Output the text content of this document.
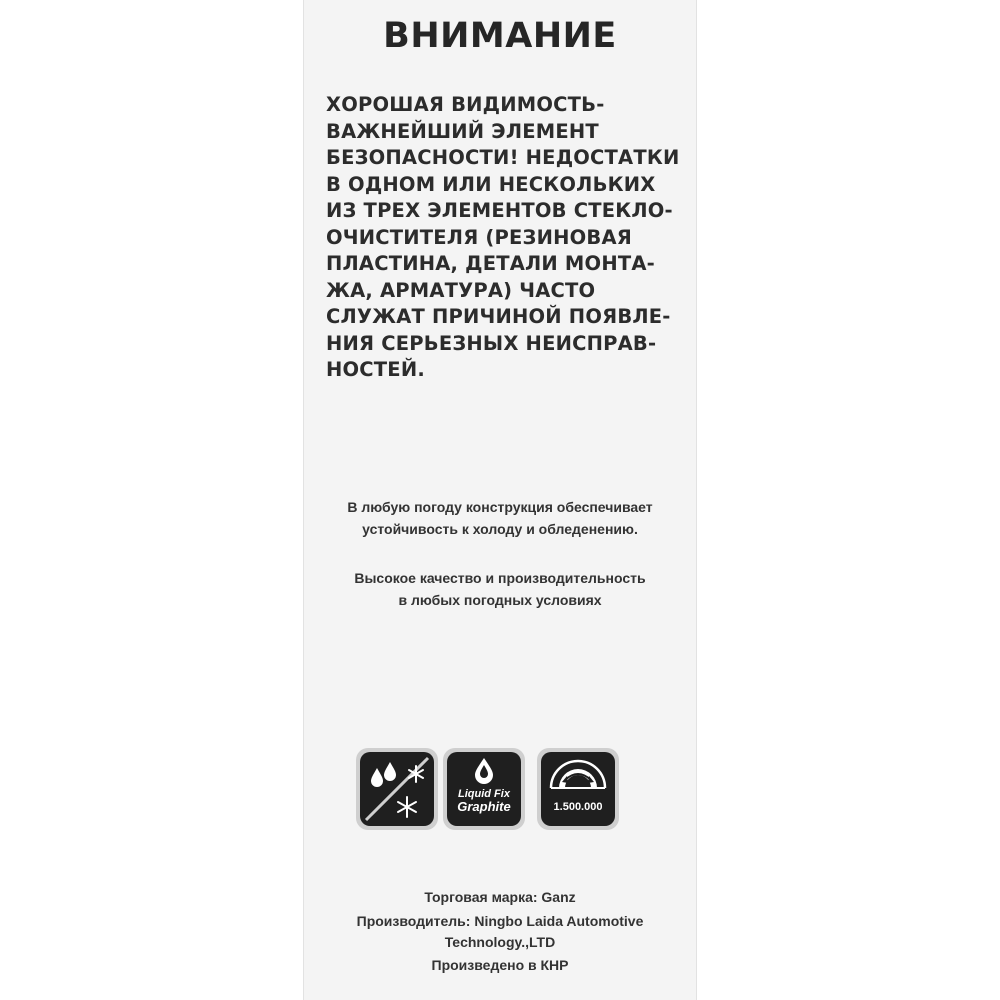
ВНИМАНИЕ
ХОРОШАЯ ВИДИМОСТЬ-
ВАЖНЕЙШИЙ ЭЛЕМЕНТ
БЕЗОПАСНОСТИ! НЕДОСТАТКИ
В ОДНОМ ИЛИ НЕСКОЛЬКИХ
ИЗ ТРЕХ ЭЛЕМЕНТОВ СТЕКЛО-
ОЧИСТИТЕЛЯ (РЕЗИНОВАЯ
ПЛАСТИНА, ДЕТАЛИ МОНТА-
ЖА, АРМАТУРА) ЧАСТО
СЛУЖАТ ПРИЧИНОЙ ПОЯВЛЕ-
НИЯ СЕРЬЕЗНЫХ НЕИСПРАВ-
НОСТЕЙ.
В любую погоду конструкция обеспечивает
устойчивость к холоду и обледенению.
Высокое качество и производительность
в любых погодных условиях
Liquid Fix
Graphite	1.500.000
Торговая марка: Ganz
Производитель: Ningbo Laida Automotive
Technology.,LTD
Произведено в КНР
